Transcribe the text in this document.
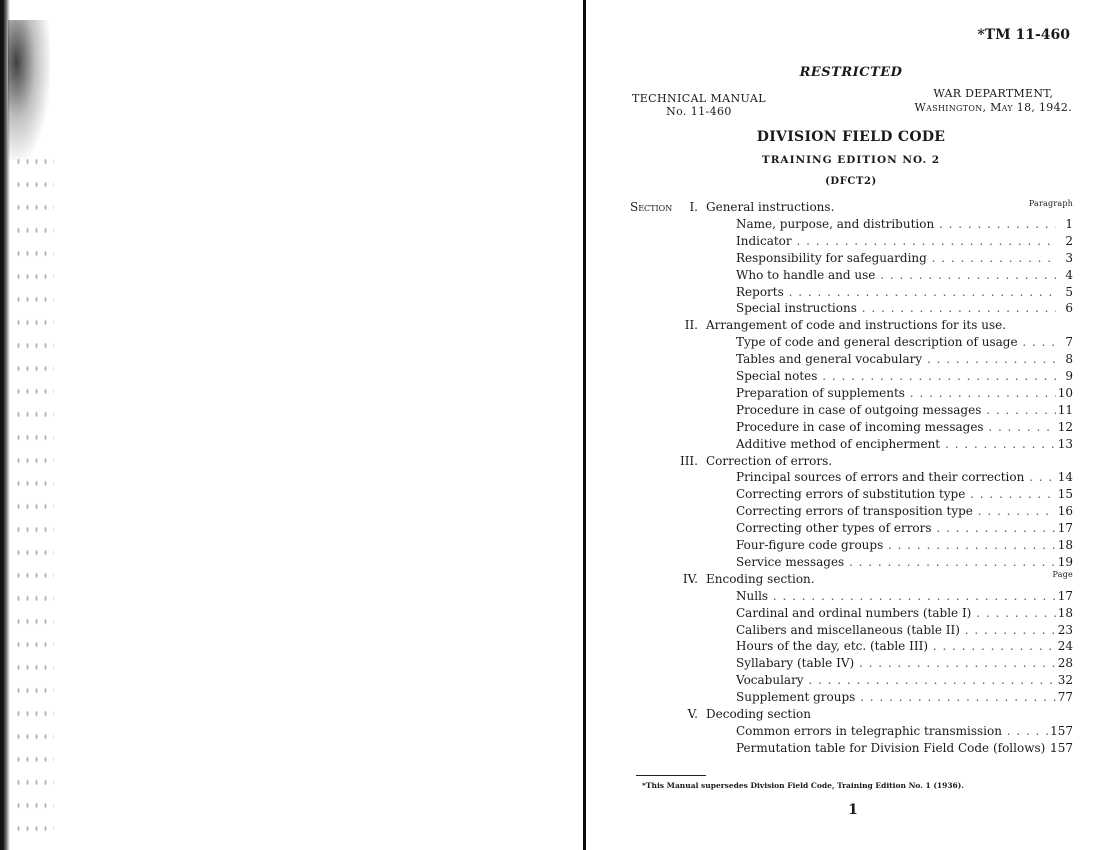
*TM 11-460
RESTRICTED
TECHNICAL MANUAL
No. 11-460
WAR DEPARTMENT,
Washington, May 18, 1942.
DIVISION FIELD CODE
TRAINING EDITION NO. 2
(DFCT2)
Paragraph
Page
Section	I. General instructions.
Name, purpose, and distribution . . .	1
Indicator . . .	2
Responsibility for safeguarding . . .	3
Who to handle and use . . .	4
Reports . . .	5
Special instructions . . .	6
II. Arrangement of code and instructions for its use.
Type of code and general description of usage . . .	7
Tables and general vocabulary . . .	8
Special notes . . .	9
Preparation of supplements . . .	10
Procedure in case of outgoing messages . . .	11
Procedure in case of incoming messages . . .	12
Additive method of encipherment . . .	13
III. Correction of errors.
Principal sources of errors and their correction . . .	14
Correcting errors of substitution type . . .	15
Correcting errors of transposition type . . .	16
Correcting other types of errors . . .	17
Four-figure code groups . . .	18
Service messages . . .	19
IV. Encoding section.
Nulls . . .	17
Cardinal and ordinal numbers (table I) . . .	18
Calibers and miscellaneous (table II) . . .	23
Hours of the day, etc. (table III) . . .	24
Syllabary (table IV) . . .	28
Vocabulary . . .	32
Supplement groups . . .	77
V. Decoding section
Common errors in telegraphic transmission . . .	157
Permutation table for Division Field Code (follows) . . . 157
*This Manual supersedes Division Field Code, Training Edition No. 1 (1936).
1
